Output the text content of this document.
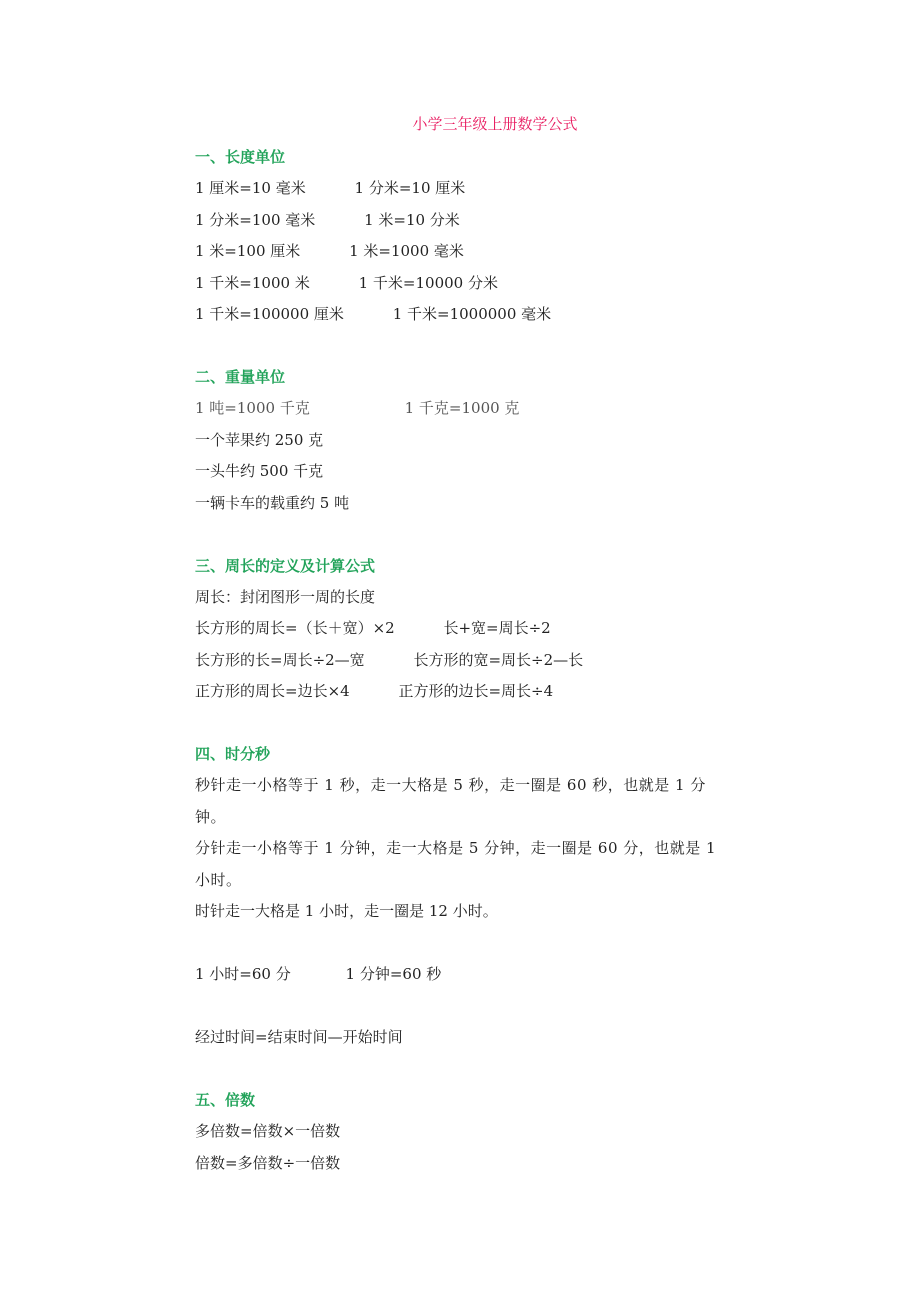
小学三年级上册数学公式
一、长度单位
1 厘米=10 毫米	1 分米=10 厘米
1 分米=100 毫米	1 米=10 分米
1 米=100 厘米	1 米=1000 毫米
1 千米=1000 米	1 千米=10000 分米
1 千米=100000 厘米	1 千米=1000000 毫米
二、重量单位
1 吨=1000 千克	1 千克=1000 克
一个苹果约 250 克
一头牛约 500 千克
一辆卡车的载重约 5 吨
三、周长的定义及计算公式
周长：封闭图形一周的长度
长方形的周长=（长＋宽）×2	长+宽=周长÷2
长方形的长=周长÷2—宽	长方形的宽=周长÷2—长
正方形的周长=边长×4	正方形的边长=周长÷4
四、时分秒
秒针走一小格等于 1 秒，走一大格是 5 秒，走一圈是 60 秒，也就是 1 分钟。
分针走一小格等于 1 分钟，走一大格是 5 分钟，走一圈是 60 分，也就是 1 小时。
时针走一大格是 1 小时，走一圈是 12 小时。
1 小时=60 分	1 分钟=60 秒
经过时间=结束时间—开始时间
五、倍数
多倍数=倍数×一倍数
倍数=多倍数÷一倍数
